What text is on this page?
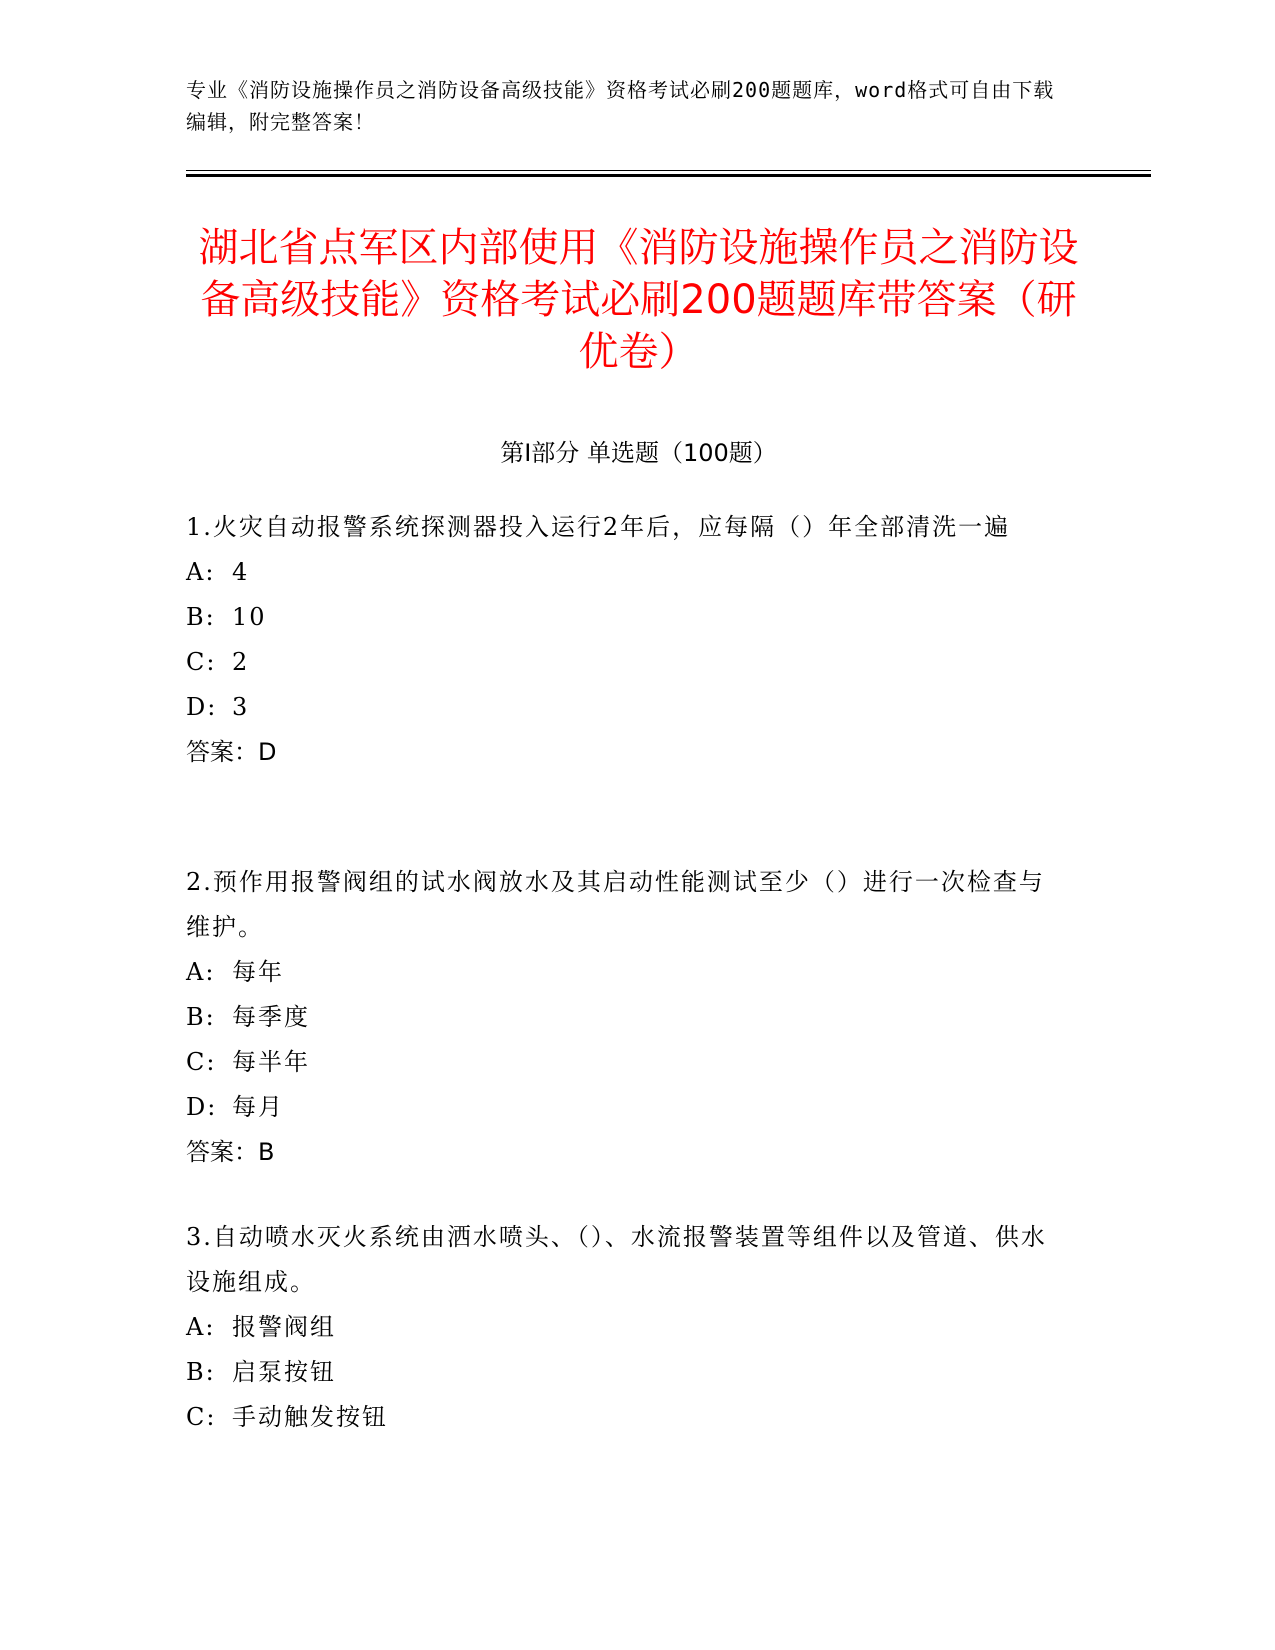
专业《消防设施操作员之消防设备高级技能》资格考试必刷200题题库，word格式可自由下载编辑，附完整答案！
湖北省点军区内部使用《消防设施操作员之消防设备高级技能》资格考试必刷200题题库带答案（研优卷）
第Ⅰ部分 单选题（100题）

1.火灾自动报警系统探测器投入运行2年后，应每隔（）年全部清洗一遍

A: 4

B: 10

C: 2

D: 3

答案：D

2.预作用报警阀组的试水阀放水及其启动性能测试至少（）进行一次检查与维护。

A: 每年

B: 每季度

C: 每半年

D: 每月

答案：B

3.自动喷水灭火系统由洒水喷头、（）、水流报警装置等组件以及管道、供水设施组成。

A: 报警阀组

B: 启泵按钮

C: 手动触发按钮
